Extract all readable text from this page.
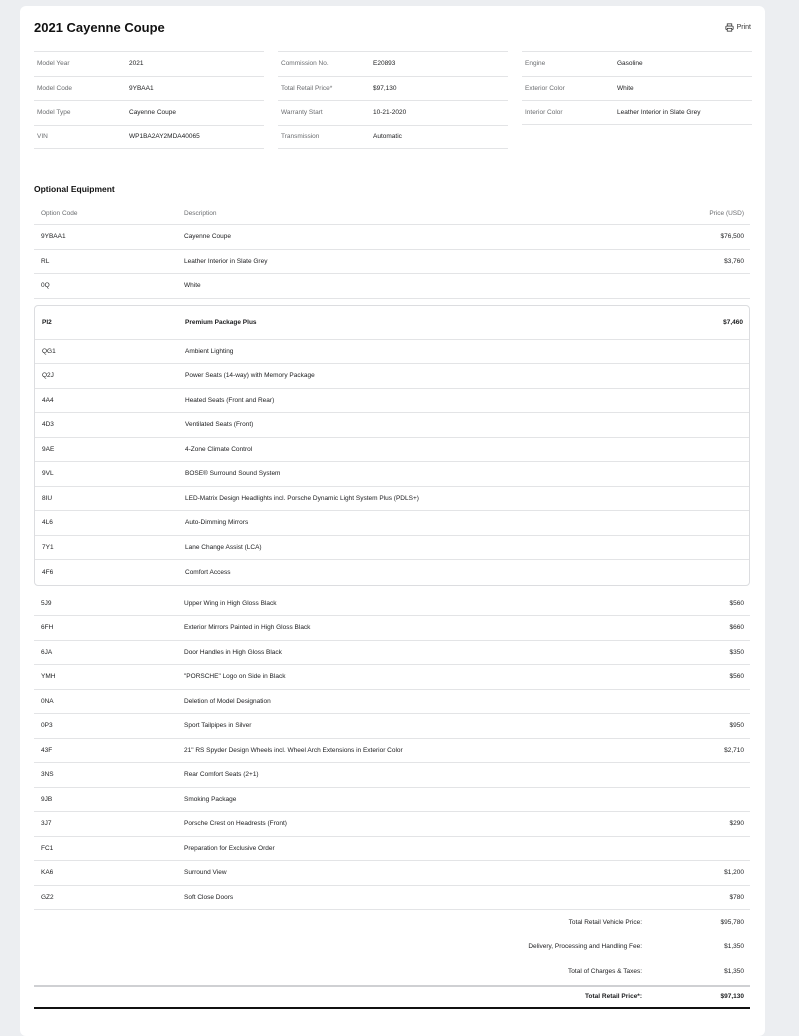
2021 Cayenne Coupe	Print
Model Year	2021
Model Code	9YBAA1
Model Type	Cayenne Coupe
VIN	WP1BA2AY2MDA40065
Commission No.	E20893
Total Retail Price*	$97,130
Warranty Start	10-21-2020
Transmission	Automatic
Engine	Gasoline
Exterior Color	White
Interior Color	Leather Interior in Slate Grey
Optional Equipment
Option Code	Description	Price (USD)
9YBAA1	Cayenne Coupe	$76,500
RL	Leather Interior in Slate Grey	$3,760
0Q	White
PI2	Premium Package Plus	$7,460
QG1	Ambient Lighting
Q2J	Power Seats (14-way) with Memory Package
4A4	Heated Seats (Front and Rear)
4D3	Ventilated Seats (Front)
9AE	4-Zone Climate Control
9VL	BOSE® Surround Sound System
8IU	LED-Matrix Design Headlights incl. Porsche Dynamic Light System Plus (PDLS+)
4L6	Auto-Dimming Mirrors
7Y1	Lane Change Assist (LCA)
4F6	Comfort Access
5J9	Upper Wing in High Gloss Black	$560
6FH	Exterior Mirrors Painted in High Gloss Black	$660
6JA	Door Handles in High Gloss Black	$350
YMH	"PORSCHE" Logo on Side in Black	$560
0NA	Deletion of Model Designation
0P3	Sport Tailpipes in Silver	$950
43F	21" RS Spyder Design Wheels incl. Wheel Arch Extensions in Exterior Color	$2,710
3NS	Rear Comfort Seats (2+1)
9JB	Smoking Package
3J7	Porsche Crest on Headrests (Front)	$290
FC1	Preparation for Exclusive Order
KA6	Surround View	$1,200
GZ2	Soft Close Doors	$780
Total Retail Vehicle Price:	$95,780
Delivery, Processing and Handling Fee:	$1,350
Total of Charges & Taxes:	$1,350
Total Retail Price*:	$97,130
